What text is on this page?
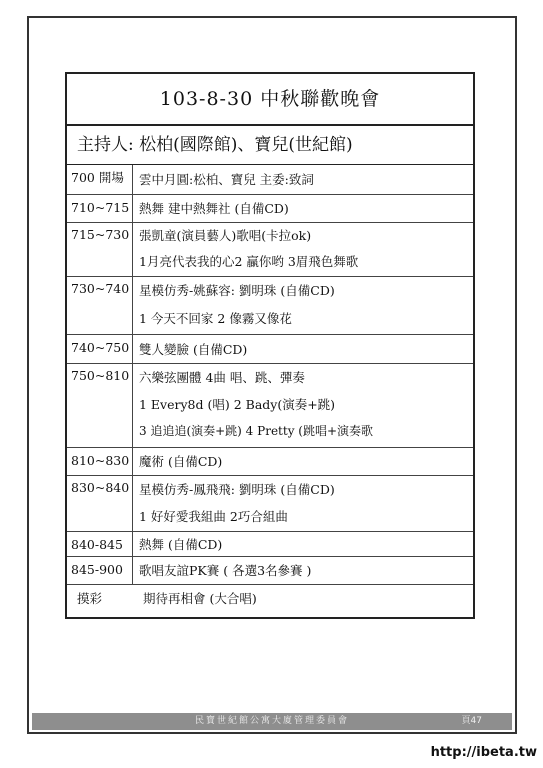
103-8-30 中秋聯歡晚會
主持人: 松柏(國際館)、寶兒(世紀館)
700 開場	雲中月圓:松柏、寶兒 主委:致詞
710~715 熱舞 建中熱舞社 (自備CD)
715~730 張凱童(演員藝人)歌唱(卡拉ok)
1月亮代表我的心2 贏你哟 3眉飛色舞歌
730~740 星模仿秀-姚蘇容: 劉明珠 (自備CD)
1 今天不回家 2 像霧又像花
740~750 雙人變臉 (自備CD)
750~810 六樂弦團體 4曲 唱、跳、彈奏
1 Every8d (唱) 2 Bady(演奏+跳)
3 追追追(演奏+跳) 4 Pretty (跳唱+演奏歌
810~830 魔術 (自備CD)
830~840 星模仿秀-鳳飛飛: 劉明珠 (自備CD)
1 好好愛我組曲 2巧合組曲
840-845	熱舞 (自備CD)
845-900	歌唱友誼PK賽 ( 各選3名參賽 )
摸彩	期待再相會 (大合唱)
民寶世紀館公寓大廈管理委員會	頁47
http://ibeta.tw
